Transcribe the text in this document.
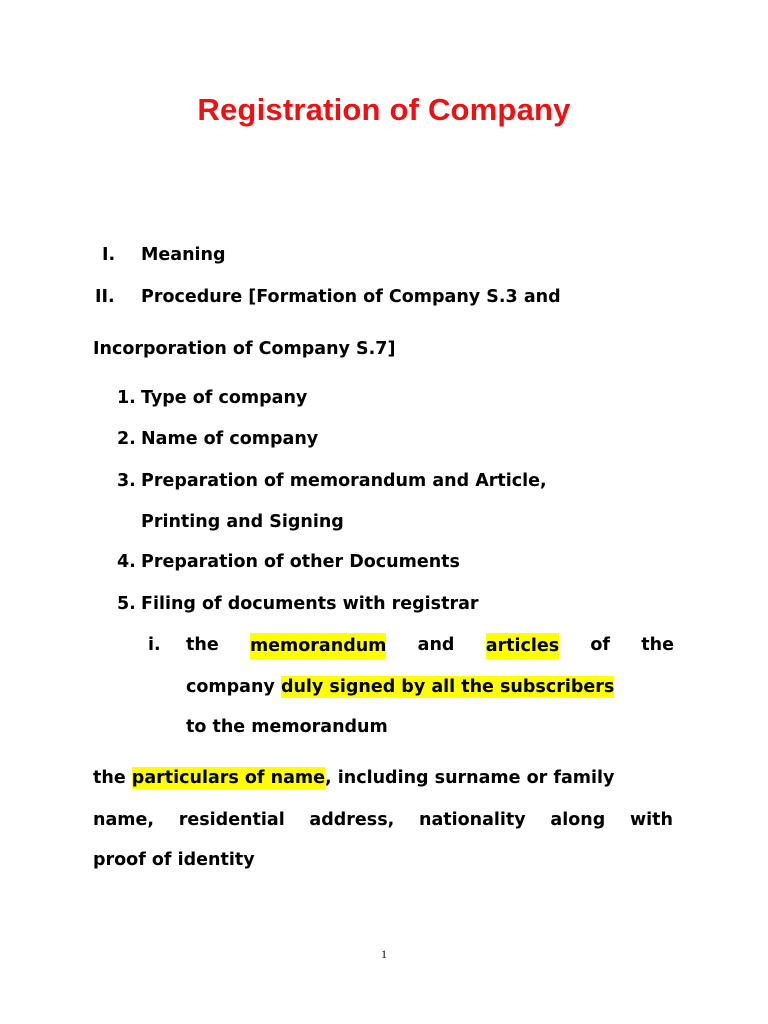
Registration of Company
I. Meaning
II. Procedure [Formation of Company S.3 and
Incorporation of Company S.7]
1. Type of company
2. Name of company
3. Preparation of memorandum and Article,
Printing and Signing
4. Preparation of other Documents
5. Filing of documents with registrar
i. the memorandum and articles of the
company duly signed by all the subscribers
to the memorandum
the particulars of name, including surname or family
name, residential address, nationality along with
proof of identity
1
